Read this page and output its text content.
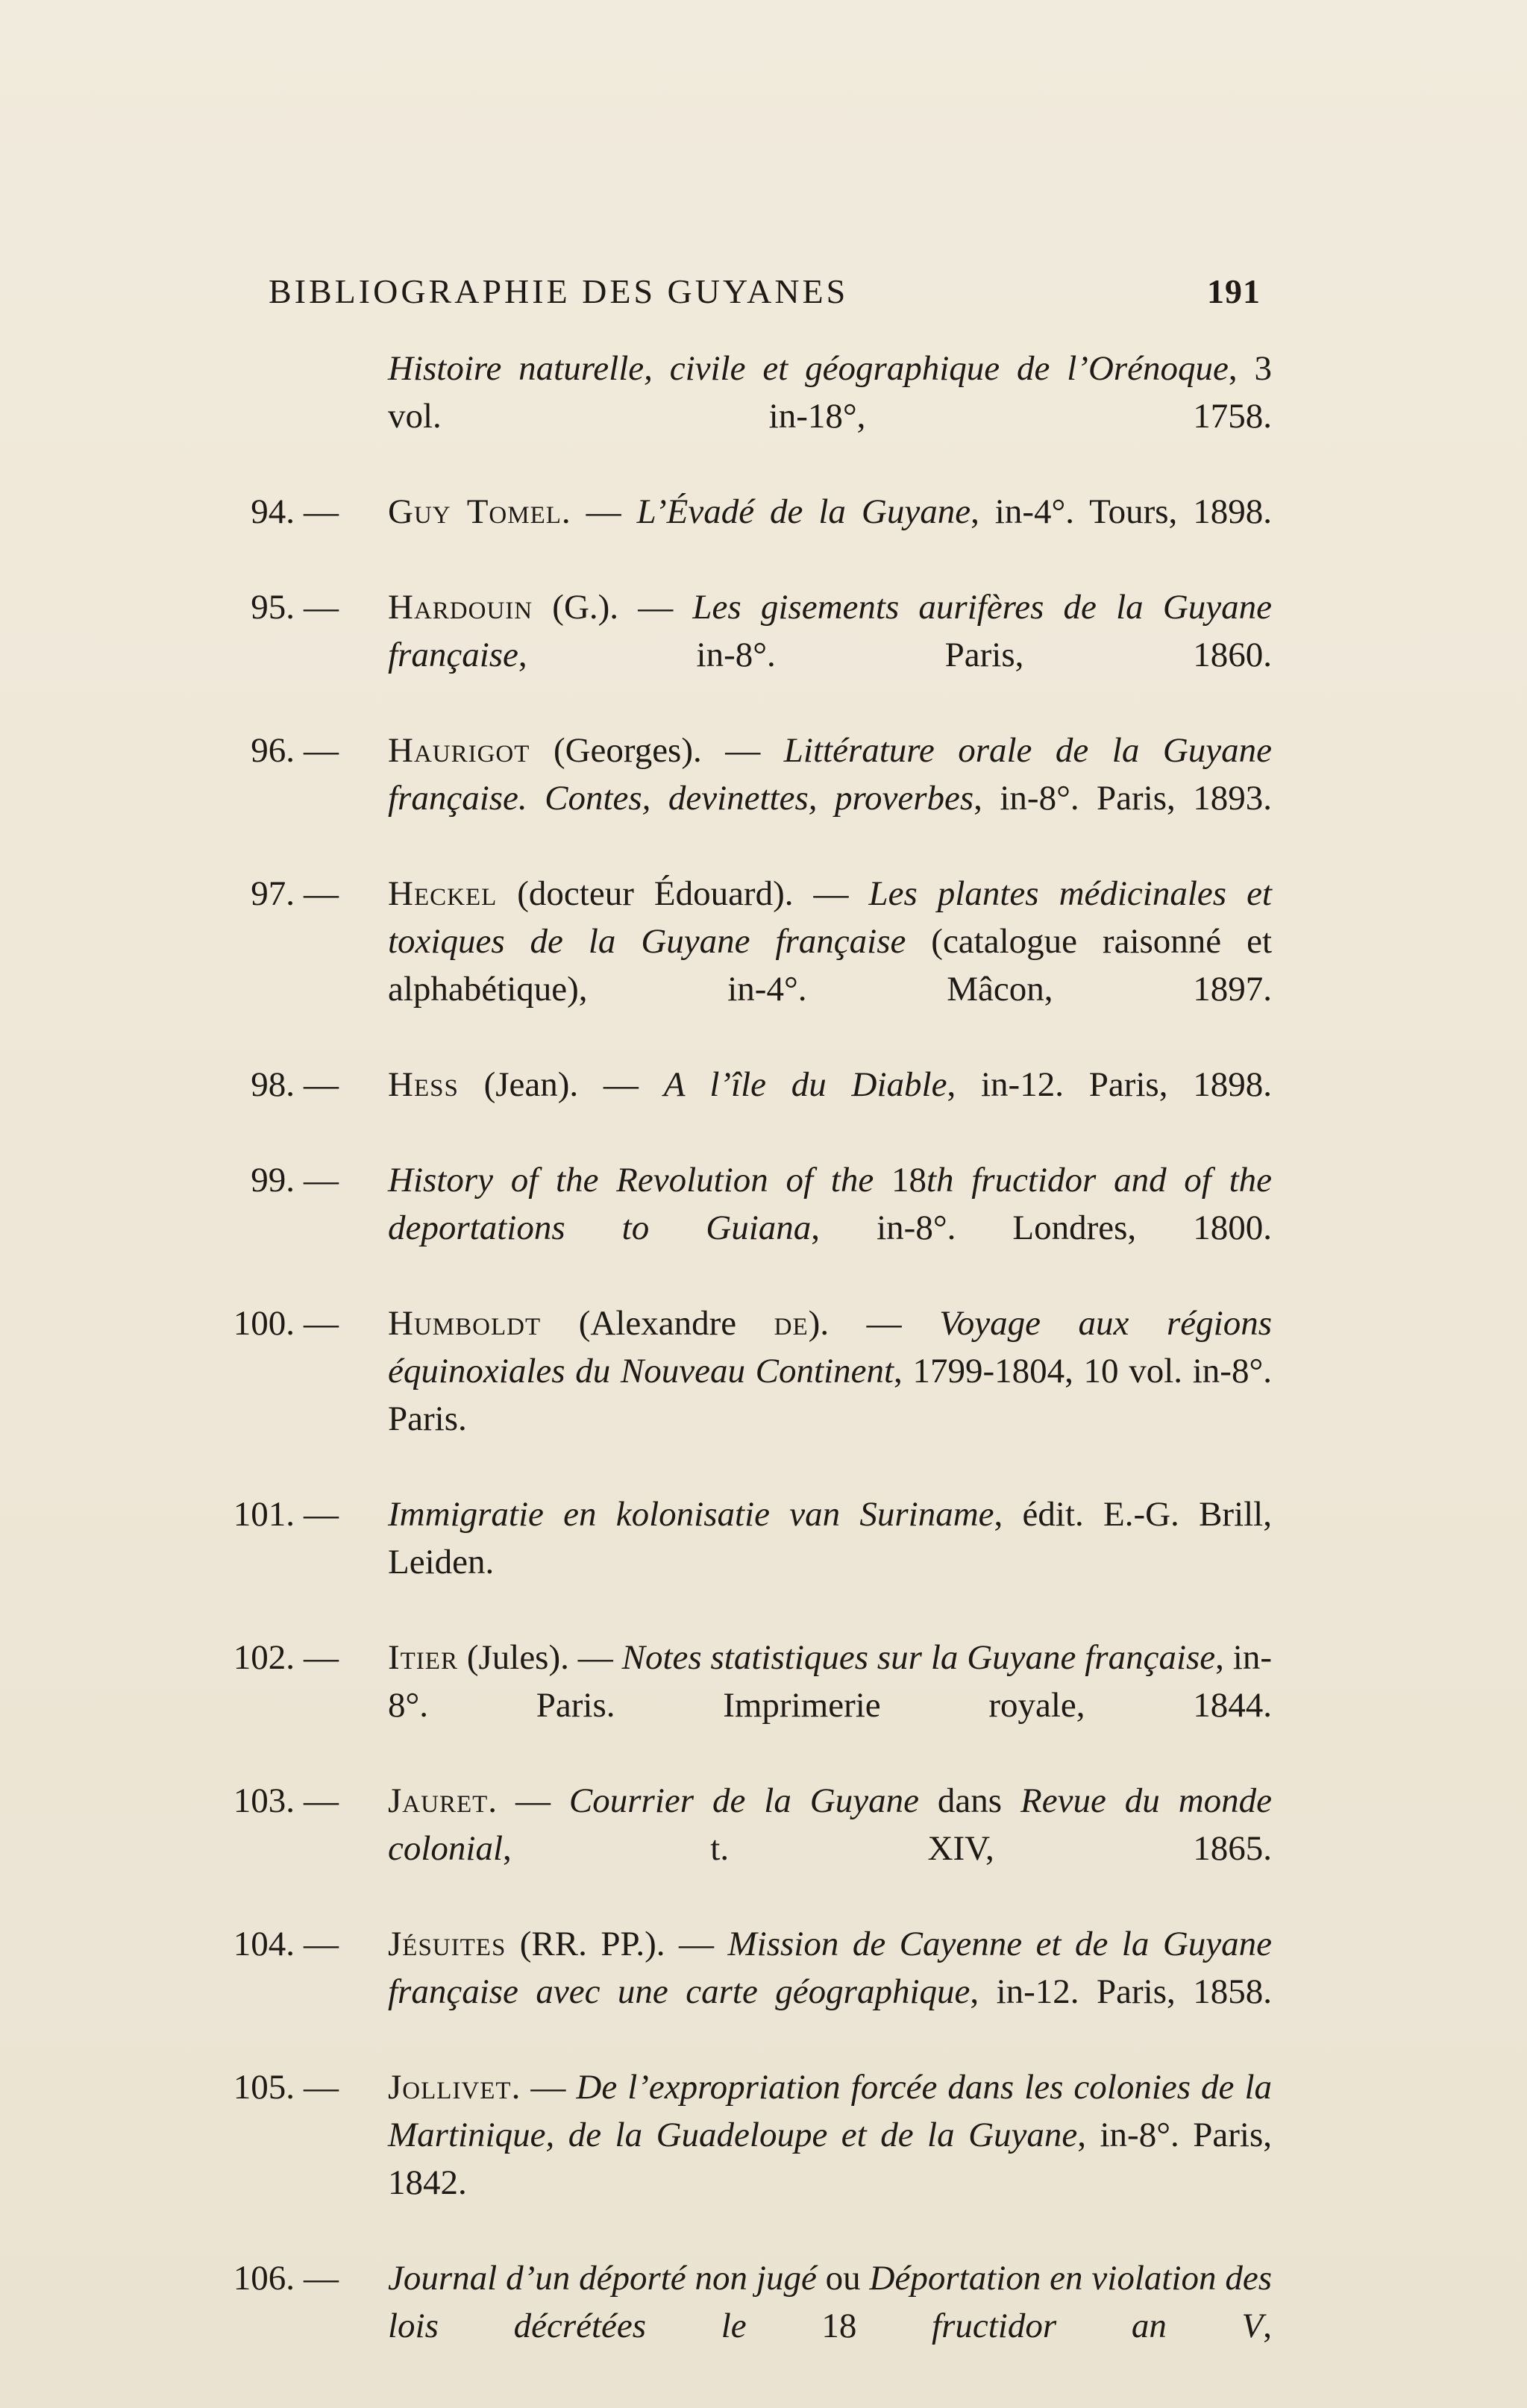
BIBLIOGRAPHIE DES GUYANES	191
Histoire naturelle, civile et géographique de l’Orénoque, 3 vol. in-18°, 1758.
94. — Guy Tomel. — L’Évadé de la Guyane, in-4°. Tours, 1898.
95. — Hardouin (G.). — Les gisements aurifères de la Guyane française, in-8°. Paris, 1860.
96. — Haurigot (Georges). — Littérature orale de la Guyane française. Contes, devinettes, proverbes, in-8°. Paris, 1893.
97. — Heckel (docteur Édouard). — Les plantes médicinales et toxiques de la Guyane française (catalogue raisonné et alphabétique), in-4°. Mâcon, 1897.
98. — Hess (Jean). — A l’île du Diable, in-12. Paris, 1898.
99. — History of the Revolution of the 18th fructidor and of the deportations to Guiana, in-8°. Londres, 1800.
100. — Humboldt (Alexandre de). — Voyage aux régions équinoxiales du Nouveau Continent, 1799-1804, 10 vol. in-8°. Paris.
101. — Immigratie en kolonisatie van Suriname, édit. E.-G. Brill, Leiden.
102. — Itier (Jules). — Notes statistiques sur la Guyane française, in-8°. Paris. Imprimerie royale, 1844.
103. — Jauret. — Courrier de la Guyane dans Revue du monde colonial, t. XIV, 1865.
104. — Jésuites (RR. PP.). — Mission de Cayenne et de la Guyane française avec une carte géographique, in-12. Paris, 1858.
105. — Jollivet. — De l’expropriation forcée dans les colonies de la Martinique, de la Guadeloupe et de la Guyane, in-8°. Paris, 1842.
106. — Journal d’un déporté non jugé ou Déportation en violation des lois décrétées le 18 fructidor an V,
